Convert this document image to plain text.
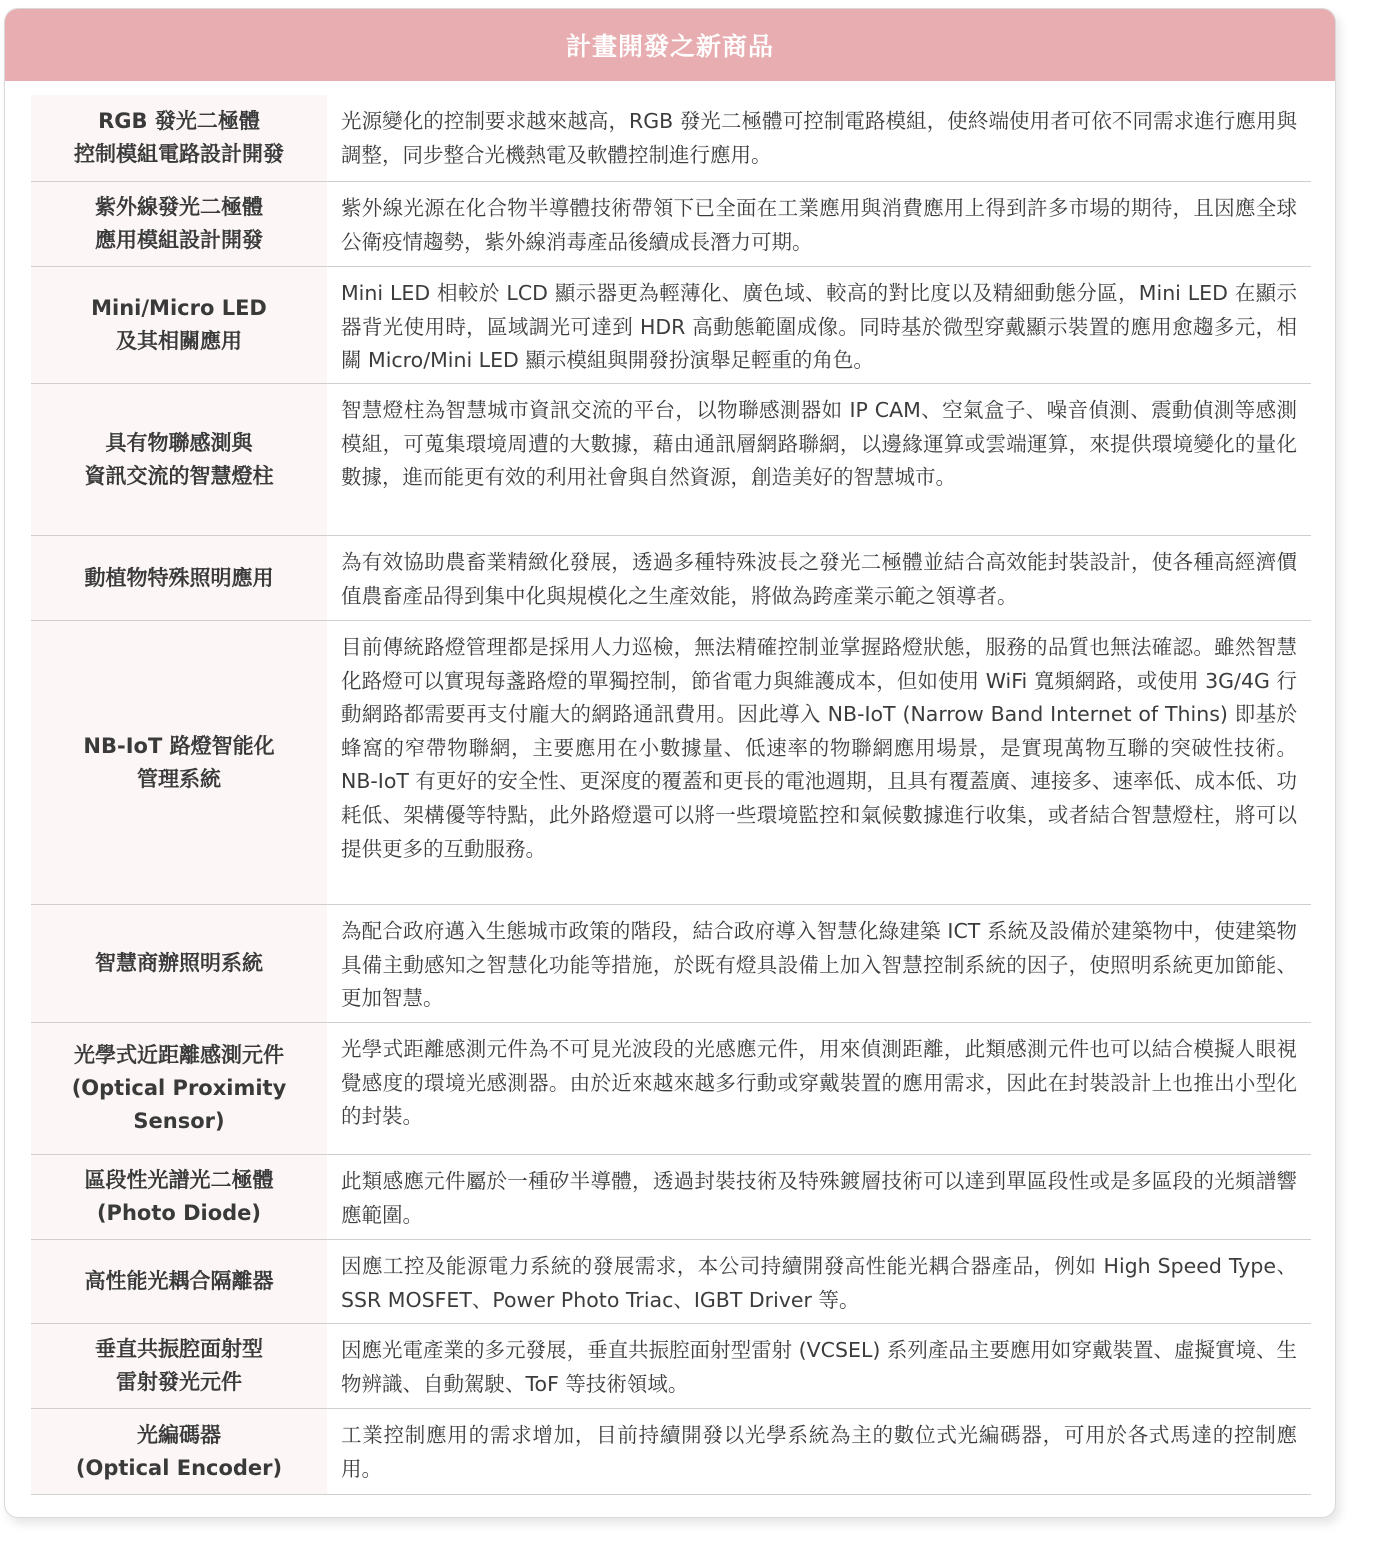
計畫開發之新商品
RGB 發光二極體
控制模組電路設計開發
光源變化的控制要求越來越高，RGB 發光二極體可控制電路模組，使終端使用者可依不同需求進行應用與調整，同步整合光機熱電及軟體控制進行應用。
紫外線發光二極體
應用模組設計開發
紫外線光源在化合物半導體技術帶領下已全面在工業應用與消費應用上得到許多市場的期待，且因應全球公衛疫情趨勢，紫外線消毒產品後續成長潛力可期。
Mini/Micro LED
及其相關應用
Mini LED 相較於 LCD 顯示器更為輕薄化、廣色域、較高的對比度以及精細動態分區，Mini LED 在顯示器背光使用時，區域調光可達到 HDR 高動態範圍成像。同時基於微型穿戴顯示裝置的應用愈趨多元，相關 Micro/Mini LED 顯示模組與開發扮演舉足輕重的角色。
具有物聯感測與
資訊交流的智慧燈柱
智慧燈柱為智慧城市資訊交流的平台，以物聯感測器如 IP CAM、空氣盒子、噪音偵測、震動偵測等感測模組，可蒐集環境周遭的大數據，藉由通訊層網路聯網，以邊緣運算或雲端運算，來提供環境變化的量化數據，進而能更有效的利用社會與自然資源，創造美好的智慧城市。
動植物特殊照明應用
為有效協助農畜業精緻化發展，透過多種特殊波長之發光二極體並結合高效能封裝設計，使各種高經濟價值農畜產品得到集中化與規模化之生產效能，將做為跨產業示範之領導者。
NB-IoT 路燈智能化
管理系統
目前傳統路燈管理都是採用人力巡檢，無法精確控制並掌握路燈狀態，服務的品質也無法確認。雖然智慧化路燈可以實現每盞路燈的單獨控制，節省電力與維護成本，但如使用 WiFi 寬頻網路，或使用 3G/4G 行動網路都需要再支付龐大的網路通訊費用。因此導入 NB-IoT (Narrow Band Internet of Thins) 即基於蜂窩的窄帶物聯網，主要應用在小數據量、低速率的物聯網應用場景，是實現萬物互聯的突破性技術。NB-IoT 有更好的安全性、更深度的覆蓋和更長的電池週期，且具有覆蓋廣、連接多、速率低、成本低、功耗低、架構優等特點，此外路燈還可以將一些環境監控和氣候數據進行收集，或者結合智慧燈柱，將可以提供更多的互動服務。
智慧商辦照明系統
為配合政府邁入生態城市政策的階段，結合政府導入智慧化綠建築 ICT 系統及設備於建築物中，使建築物具備主動感知之智慧化功能等措施，於既有燈具設備上加入智慧控制系統的因子，使照明系統更加節能、更加智慧。
光學式近距離感測元件
(Optical Proximity
Sensor)
光學式距離感測元件為不可見光波段的光感應元件，用來偵測距離，此類感測元件也可以結合模擬人眼視覺感度的環境光感測器。由於近來越來越多行動或穿戴裝置的應用需求，因此在封裝設計上也推出小型化的封裝。
區段性光譜光二極體
(Photo Diode)
此類感應元件屬於一種矽半導體，透過封裝技術及特殊鍍層技術可以達到單區段性或是多區段的光頻譜響應範圍。
高性能光耦合隔離器
因應工控及能源電力系統的發展需求，本公司持續開發高性能光耦合器產品，例如 High Speed Type、SSR MOSFET、Power Photo Triac、IGBT Driver 等。
垂直共振腔面射型
雷射發光元件
因應光電產業的多元發展，垂直共振腔面射型雷射 (VCSEL) 系列產品主要應用如穿戴裝置、虛擬實境、生物辨識、自動駕駛、ToF 等技術領域。
光編碼器
(Optical Encoder)
工業控制應用的需求增加，目前持續開發以光學系統為主的數位式光編碼器，可用於各式馬達的控制應用。
